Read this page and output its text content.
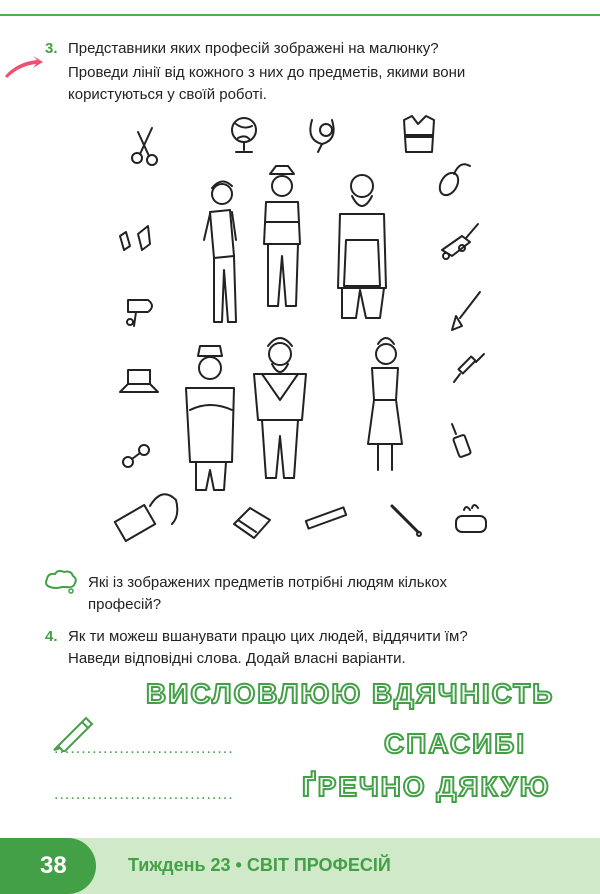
3. Представники яких професій зображені на малюнку?
Проведи лінії від кожного з них до предметів, якими вони
користуються у своїй роботі.
Які із зображених предметів потрібні людям кількох
професій?
4. Як ти можеш вшанувати працю цих людей, віддячити їм?
Наведи відповідні слова. Додай власні варіанти.
ВИСЛОВЛЮЮ ВДЯЧНІСТЬ
.................................	СПАСИБІ
................................. ҐРЕЧНО ДЯКУЮ
38	Тиждень 23 • СВІТ ПРОФЕСІЙ
